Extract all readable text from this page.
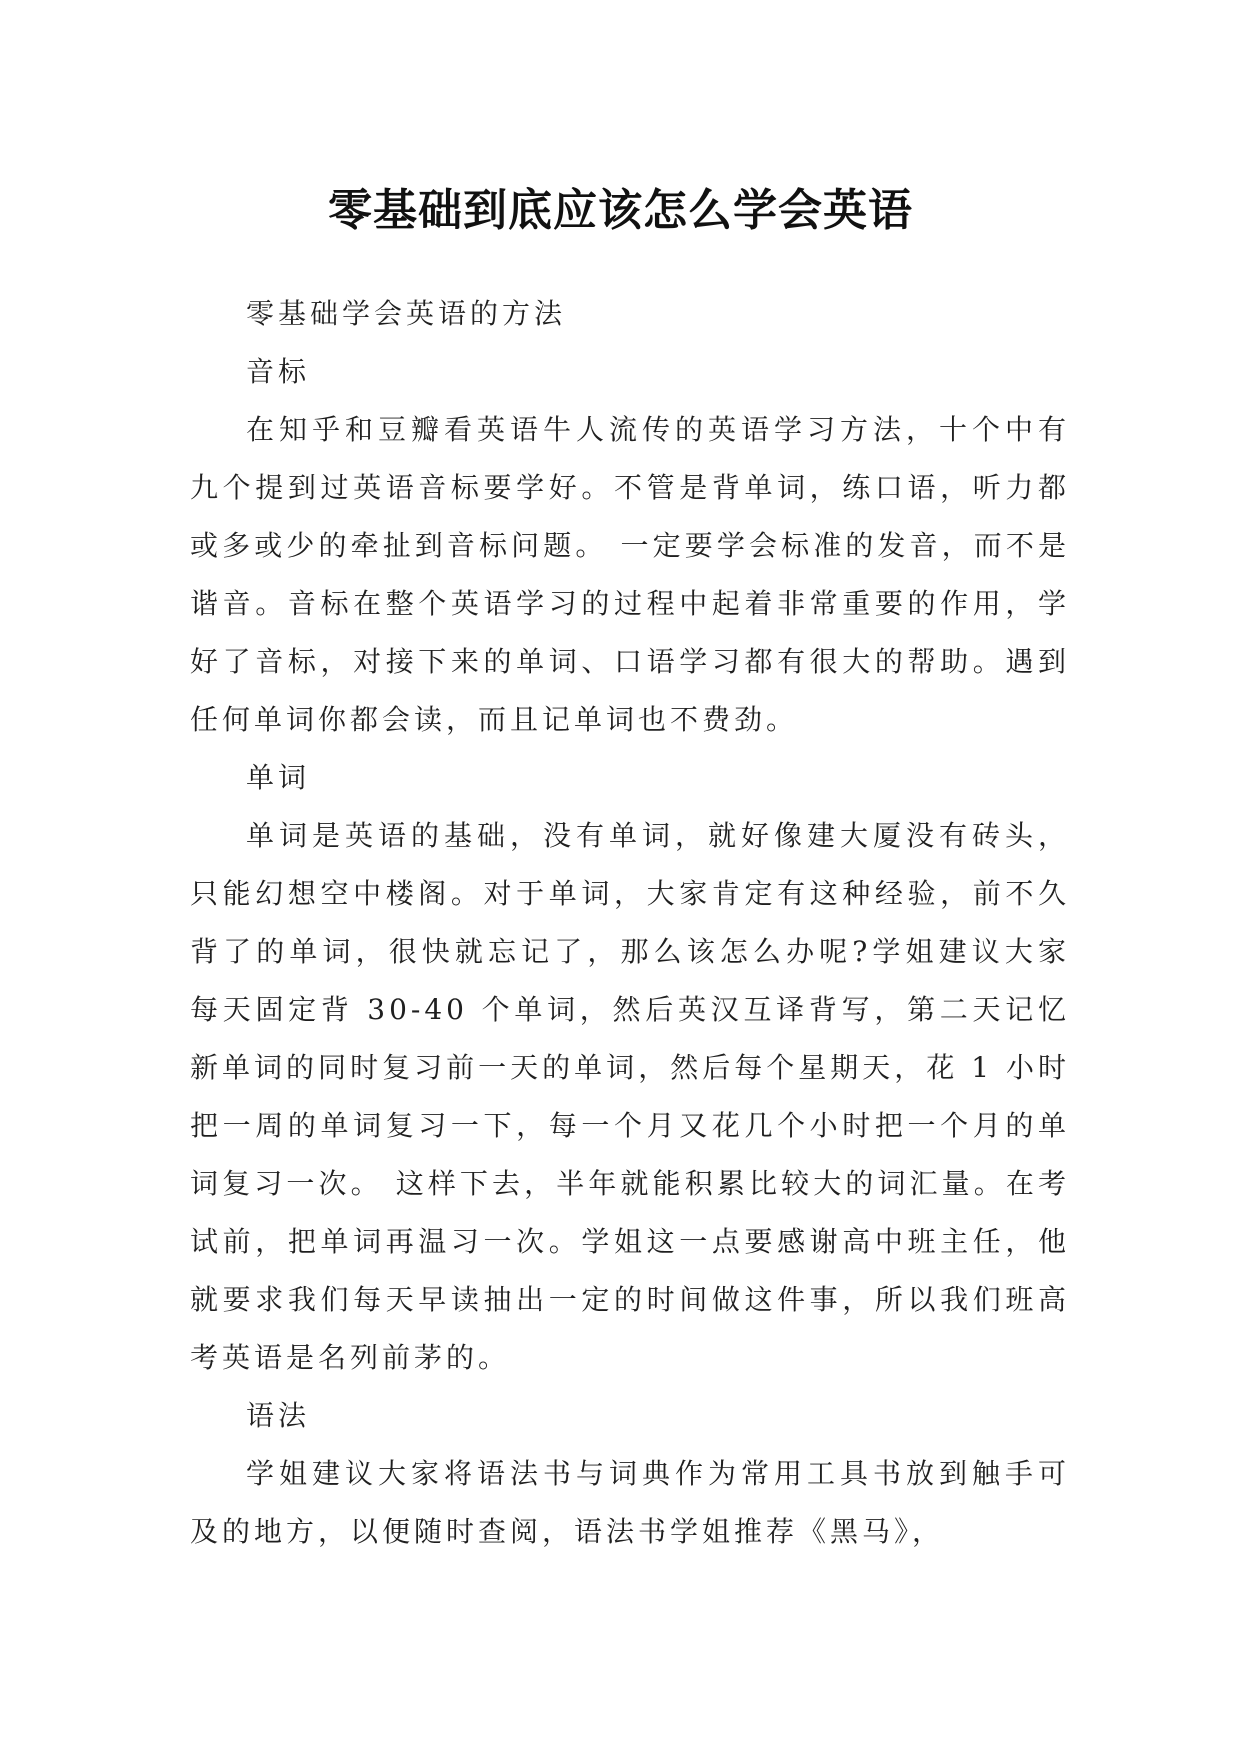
零基础到底应该怎么学会英语

零基础学会英语的方法

音标

在知乎和豆瓣看英语牛人流传的英语学习方法，十个中有九个提到过英语音标要学好。不管是背单词，练口语，听力都或多或少的牵扯到音标问题。 一定要学会标准的发音，而不是谐音。音标在整个英语学习的过程中起着非常重要的作用，学好了音标，对接下来的单词、口语学习都有很大的帮助。遇到任何单词你都会读，而且记单词也不费劲。

单词

单词是英语的基础，没有单词，就好像建大厦没有砖头，只能幻想空中楼阁。对于单词，大家肯定有这种经验，前不久背了的单词，很快就忘记了，那么该怎么办呢?学姐建议大家每天固定背 30-40 个单词，然后英汉互译背写，第二天记忆新单词的同时复习前一天的单词，然后每个星期天，花 1 小时把一周的单词复习一下，每一个月又花几个小时把一个月的单词复习一次。 这样下去，半年就能积累比较大的词汇量。在考试前，把单词再温习一次。学姐这一点要感谢高中班主任，他就要求我们每天早读抽出一定的时间做这件事，所以我们班高考英语是名列前茅的。

语法

学姐建议大家将语法书与词典作为常用工具书放到触手可及的地方，以便随时查阅，语法书学姐推荐《黑马》，
